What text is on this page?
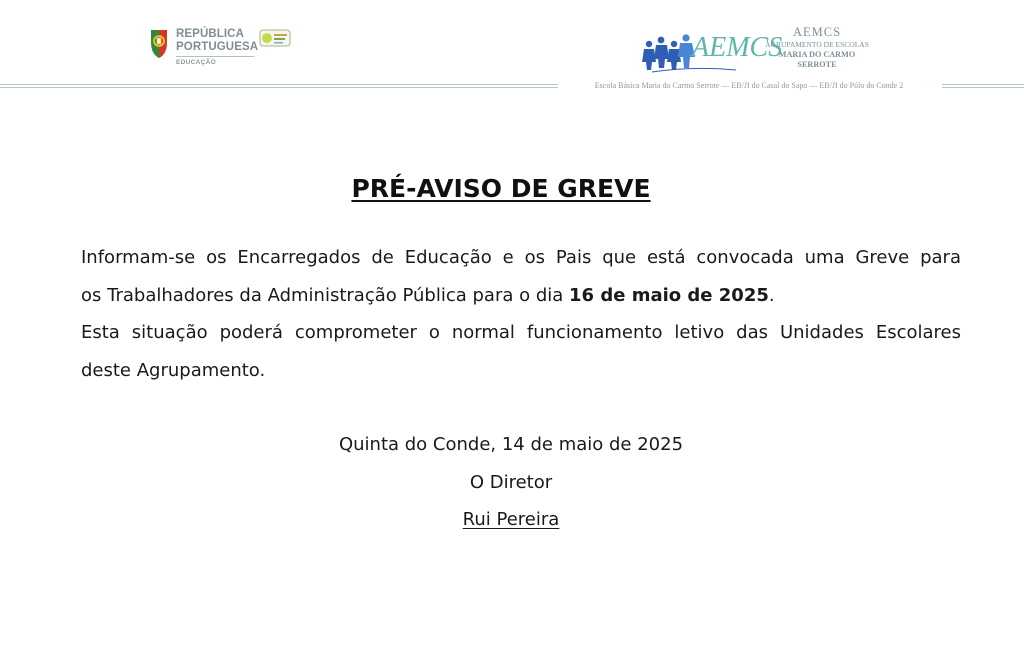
REPÚBLICA
PORTUGUESA
EDUCAÇÃO	AEMCS AEMCS
AGRUPAMENTO DE ESCOLAS
MARIA DO CARMO
SERROTE
Escola Básica Maria do Carmo Serrote — EB/JI do Casal do Sapo — EB/JI do Pólo do Conde 2
PRÉ-AVISO DE GREVE
Informam-se os Encarregados de Educação e os Pais que está convocada uma Greve para
os Trabalhadores da Administração Pública para o dia 16 de maio de 2025.
Esta situação poderá comprometer o normal funcionamento letivo das Unidades Escolares
deste Agrupamento.
Quinta do Conde, 14 de maio de 2025
O Diretor
Rui Pereira
